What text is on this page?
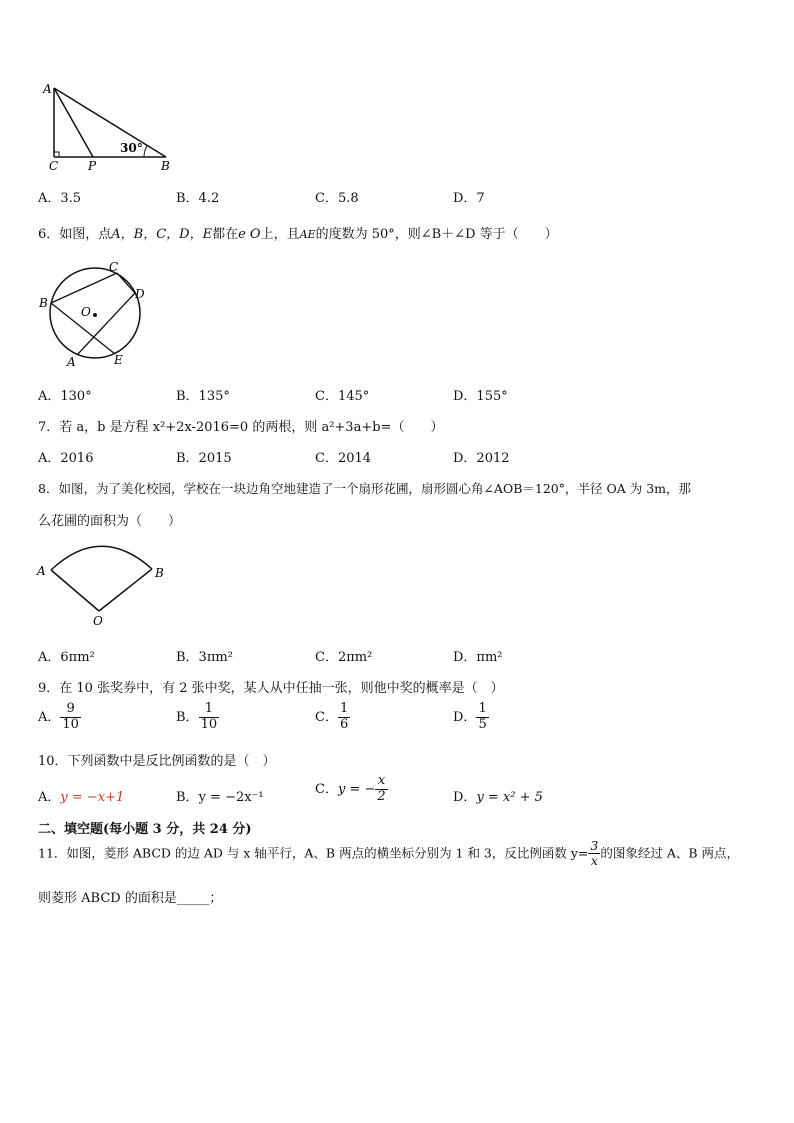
A
C P	B
30°
A．3.5	B．4.2	C．5.8	D．7
6．如图，点A，B，C，D，E都在e O上，且AE的度数为 50°，则∠B＋∠D 等于（　　）
B
C
D
O
A	E
A．130°	B．135°	C．145°	D．155°
7．若 a，b 是方程 x²+2x-2016=0 的两根，则 a²+3a+b=（　　）
A．2016	B．2015	C．2014	D．2012
8．如图，为了美化校园，学校在一块边角空地建造了一个扇形花圃，扇形圆心角∠AOB＝120°，半径 OA 为 3m，那
么花圃的面积为（　　）
A	B
O
A．6πm²	B．3πm²	C．2πm²	D．πm²
9．在 10 张奖券中，有 2 张中奖，某人从中任抽一张，则他中奖的概率是（　）
A． $\frac{9}{10}$	B． $\frac{1}{10}$	C． $\frac{1}{6}$	D． $\frac{1}{5}$
10．下列函数中是反比例函数的是（　）
A．y = −x+1	B．y = −2x⁻¹
C．y = − $\frac{x}{2}$	D．y = x² + 5
二、填空题(每小题 3 分，共 24 分)
11．如图，菱形 ABCD 的边 AD 与 x 轴平行，A、B 两点的横坐标分别为 1 和 3，反比例函数 $y= \frac{3}{x}$ 的图象经过 A、B 两点，
则菱形 ABCD 的面积是_____；
